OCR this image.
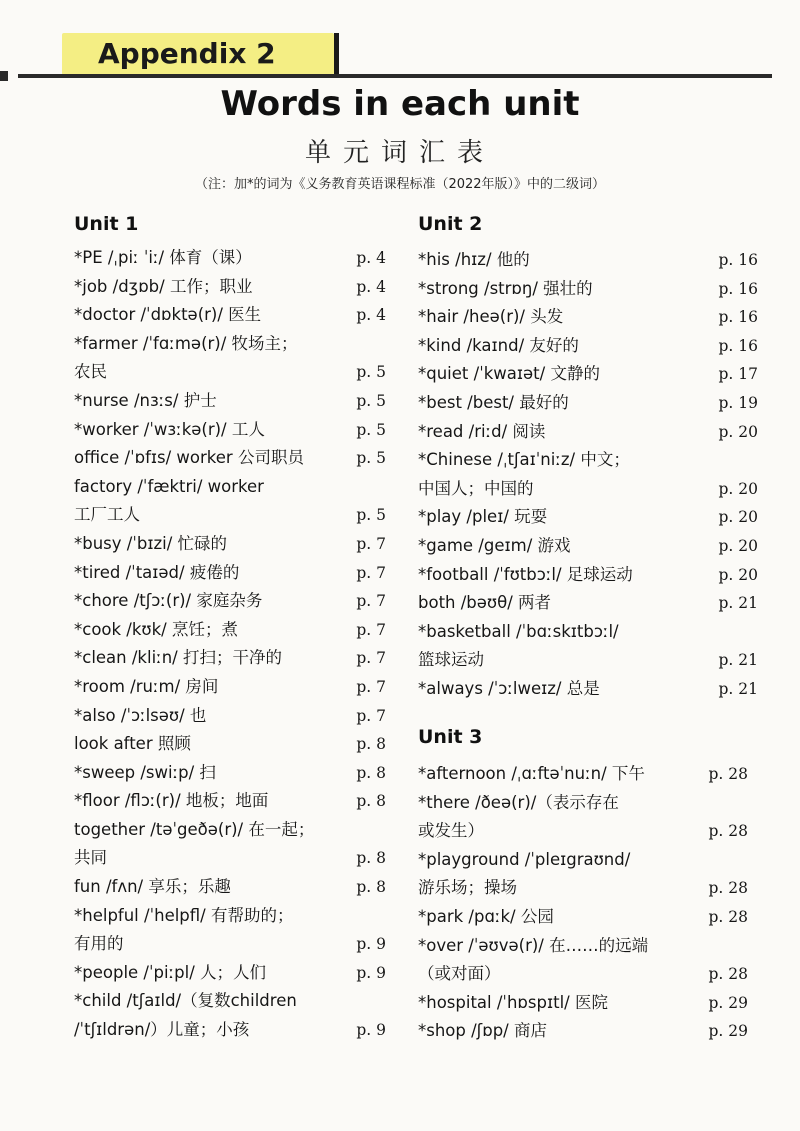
Appendix 2
Words in each unit
单元词汇表
（注：加*的词为《义务教育英语课程标准（2022年版）》中的二级词）
Unit 1
*PE /ˌpiː ˈiː/ 体育（课）	p. 4
*job /dʒɒb/ 工作；职业	p. 4
*doctor /ˈdɒktə(r)/ 医生	p. 4
*farmer /ˈfɑːmə(r)/ 牧场主；
农民	p. 5
*nurse /nɜːs/ 护士	p. 5
*worker /ˈwɜːkə(r)/ 工人	p. 5
office /ˈɒfɪs/ worker 公司职员	p. 5
factory /ˈfæktri/ worker
工厂工人	p. 5
*busy /ˈbɪzi/ 忙碌的	p. 7
*tired /ˈtaɪəd/ 疲倦的	p. 7
*chore /tʃɔː(r)/ 家庭杂务	p. 7
*cook /kʊk/ 烹饪；煮	p. 7
*clean /kliːn/ 打扫；干净的	p. 7
*room /ruːm/ 房间	p. 7
*also /ˈɔːlsəʊ/ 也	p. 7
look after 照顾	p. 8
*sweep /swiːp/ 扫	p. 8
*floor /flɔː(r)/ 地板；地面	p. 8
together /təˈgeðə(r)/ 在一起；
共同	p. 8
fun /fʌn/ 享乐；乐趣	p. 8
*helpful /ˈhelpfl/ 有帮助的；
有用的	p. 9
*people /ˈpiːpl/ 人；人们	p. 9
*child /tʃaɪld/（复数children
/ˈtʃɪldrən/）儿童；小孩	p. 9
Unit 2
*his /hɪz/ 他的	p. 16
*strong /strɒŋ/ 强壮的	p. 16
*hair /heə(r)/ 头发	p. 16
*kind /kaɪnd/ 友好的	p. 16
*quiet /ˈkwaɪət/ 文静的	p. 17
*best /best/ 最好的	p. 19
*read /riːd/ 阅读	p. 20
*Chinese /ˌtʃaɪˈniːz/ 中文；
中国人；中国的	p. 20
*play /pleɪ/ 玩耍	p. 20
*game /geɪm/ 游戏	p. 20
*football /ˈfʊtbɔːl/ 足球运动	p. 20
both /bəʊθ/ 两者	p. 21
*basketball /ˈbɑːskɪtbɔːl/
篮球运动	p. 21
*always /ˈɔːlweɪz/ 总是	p. 21
Unit 3
*afternoon /ˌɑːftəˈnuːn/ 下午	p. 28
*there /ðeə(r)/（表示存在
或发生）	p. 28
*playground /ˈpleɪgraʊnd/
游乐场；操场	p. 28
*park /pɑːk/ 公园	p. 28
*over /ˈəʊvə(r)/ 在……的远端
（或对面）	p. 28
*hospital /ˈhɒspɪtl/ 医院	p. 29
*shop /ʃɒp/ 商店	p. 29
